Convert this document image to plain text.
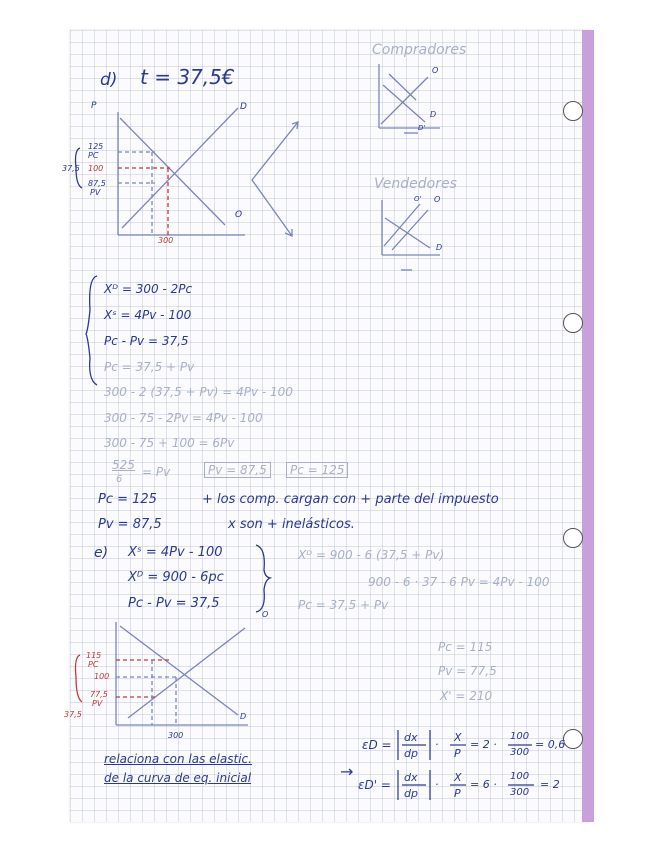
d) t = 37,5€
P	D
O
125
PC
100
87,5
PV
37,5
300
Compradores
O
D
D'
Vendedores
O
O'
D
Xᴰ = 300 - 2Pc
Xˢ = 4Pv - 100
Pc - Pv = 37,5
Pc = 37,5 + Pv
300 - 2 (37,5 + Pv) = 4Pv - 100
300 - 75 - 2Pv = 4Pv - 100
300 - 75 + 100 = 6Pv
525
6
= Pv	Pv = 87,5	Pc = 125
Pc = 125
Pv = 87,5
+ los comp. cargan con + parte del impuesto
x son + inelásticos.
e) Xˢ = 4Pv - 100
Xᴰ = 900 - 6pc
Pc - Pv = 37,5
Xᴰ = 900 - 6 (37,5 + Pv)
900 - 6 · 37 - 6 Pv = 4Pv - 100
Pc = 37,5 + Pv
Pc = 115
Pv = 77,5
X' = 210
O
D
115
PC
100
77,5
PV
37,5
300
relaciona con las elastic.
de la curva de eq. inicial	→
εD =
dx
dp
·
X
P
= 2 ·
100
300
= 0,6
εD' =
dx
dp
·
X
P
= 6 ·
100
300
= 2
